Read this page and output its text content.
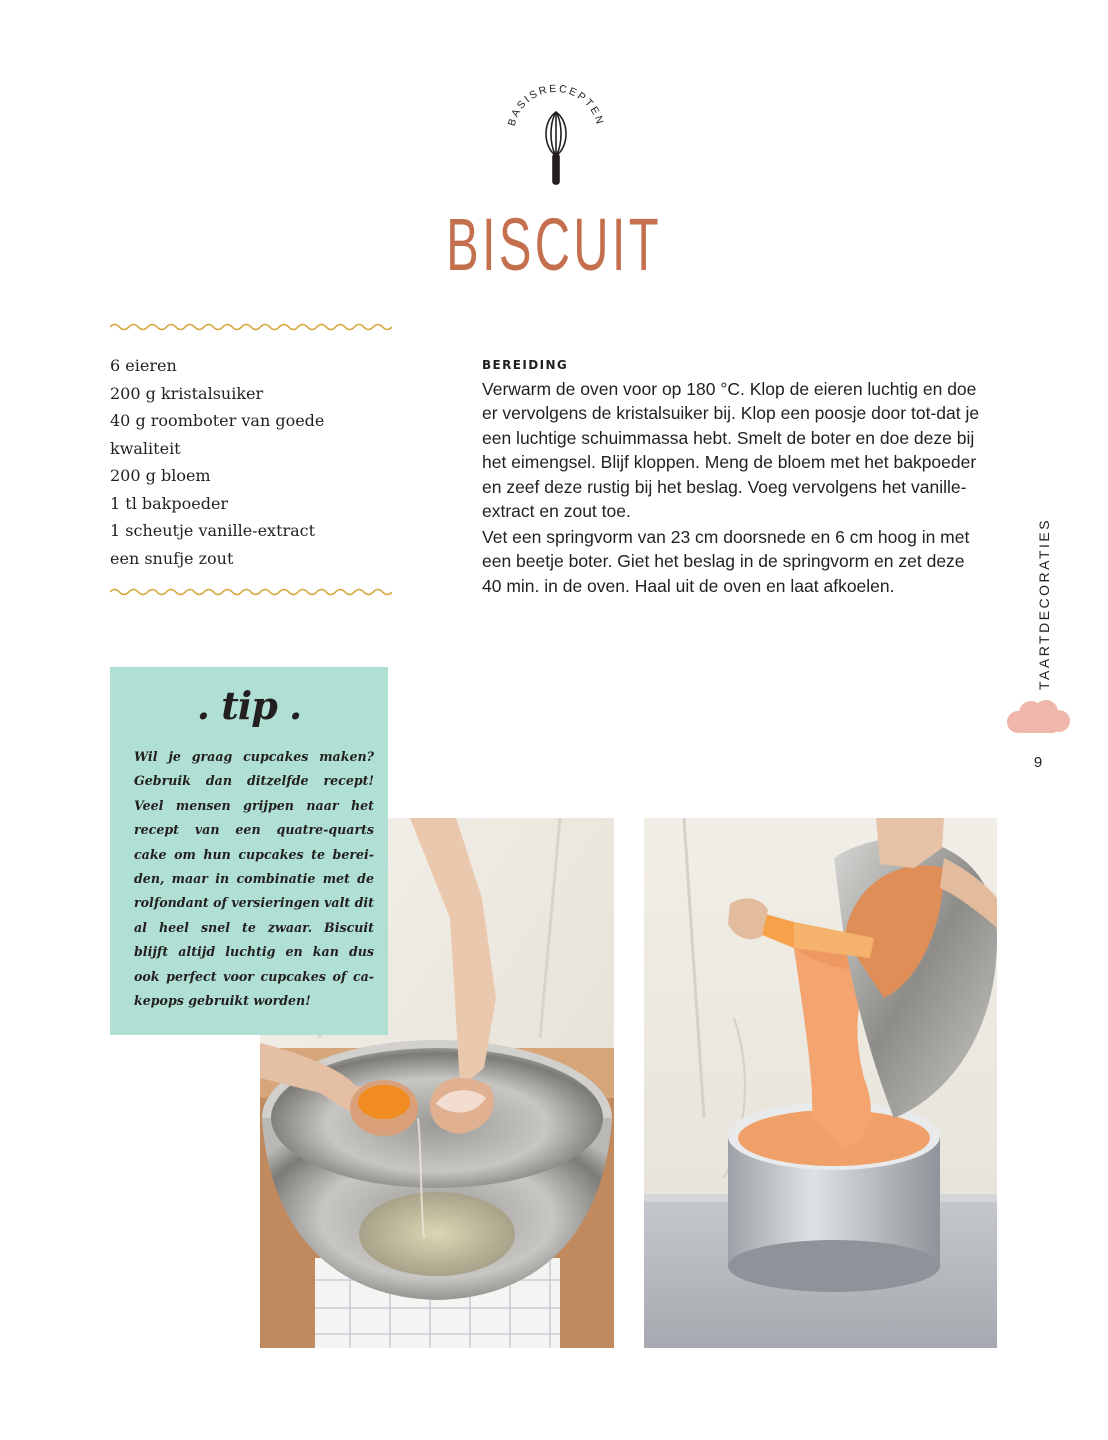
BASISRECEPTEN
BISCUIT
6 eieren
200 g kristalsuiker
40 g roomboter van goede
kwaliteit
200 g bloem
1 tl bakpoeder
1 scheutje vanille-extract
een snufje zout
BEREIDING

Verwarm de oven voor op 180 °C. Klop de eieren luchtig en doe er vervolgens de kristalsuiker bij. Klop een poosje door tot-dat je een luchtige schuimmassa hebt. Smelt de boter en doe deze bij het eimengsel. Blijf kloppen. Meng de bloem met het bakpoeder en zeef deze rustig bij het beslag. Voeg vervolgens het vanille-extract en zout toe.

Vet een springvorm van 23 cm doorsnede en 6 cm hoog in met een beetje boter. Giet het beslag in de springvorm en zet deze 40 min. in de oven. Haal uit de oven en laat afkoelen.	TAARTDECORATIES
9
. tip .

Wil je graag cupcakes maken? Gebruik dan ditzelfde recept! Veel mensen grijpen naar het recept van een quatre-quarts cake om hun cupcakes te berei-den, maar in combinatie met de rolfondant of versieringen valt dit al heel snel te zwaar. Biscuit blijft altijd luchtig en kan dus ook perfect voor cupcakes of ca-kepops gebruikt worden!
